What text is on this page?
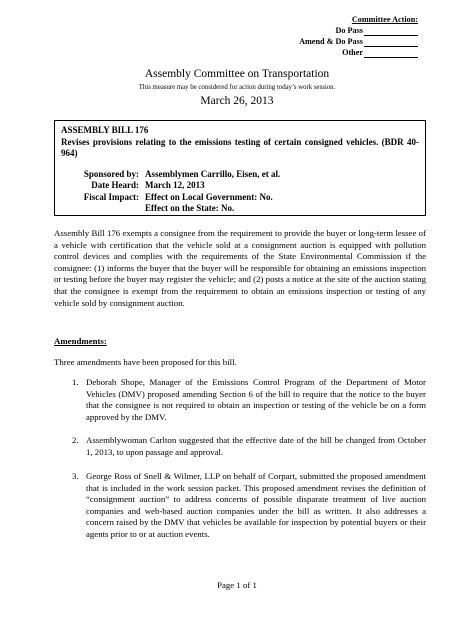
Committee Action:
Do Pass
Amend & Do Pass
Other
Assembly Committee on Transportation
This measure may be considered for action during today’s work session.
March 26, 2013
ASSEMBLY BILL 176
Revises provisions relating to the emissions testing of certain consigned vehicles. (BDR 40-964)
Sponsored by: Assemblymen Carrillo, Eisen, et al.
Date Heard: March 12, 2013
Fiscal Impact: Effect on Local Government: No.
Effect on the State: No.

Assembly Bill 176 exempts a consignee from the requirement to provide the buyer or long-term lessee of a vehicle with certification that the vehicle sold at a consignment auction is equipped with pollution control devices and complies with the requirements of the State Environmental Commission if the consignee: (1) informs the buyer that the buyer will be responsible for obtaining an emissions inspection or testing before the buyer may register the vehicle; and (2) posts a notice at the site of the auction stating that the consignee is exempt from the requirement to obtain an emissions inspection or testing of any vehicle sold by consignment auction.

Amendments:

Three amendments have been proposed for this bill.

1. Deborah Shope, Manager of the Emissions Control Program of the Department of Motor Vehicles (DMV) proposed amending Section 6 of the bill to require that the notice to the buyer that the consignee is not required to obtain an inspection or testing of the vehicle be on a form approved by the DMV.
2. Assemblywoman Carlton suggested that the effective date of the bill be changed from October 1, 2013, to upon passage and approval.
3. George Ross of Snell & Wilmer, LLP on behalf of Corpart, submitted the proposed amendment that is included in the work session packet. This proposed amendment revises the definition of “consignment auction” to address concerns of possible disparate treatment of live auction companies and web-based auction companies under the bill as written. It also addresses a concern raised by the DMV that vehicles be available for inspection by potential buyers or their agents prior to or at auction events.
Page 1 of 1
